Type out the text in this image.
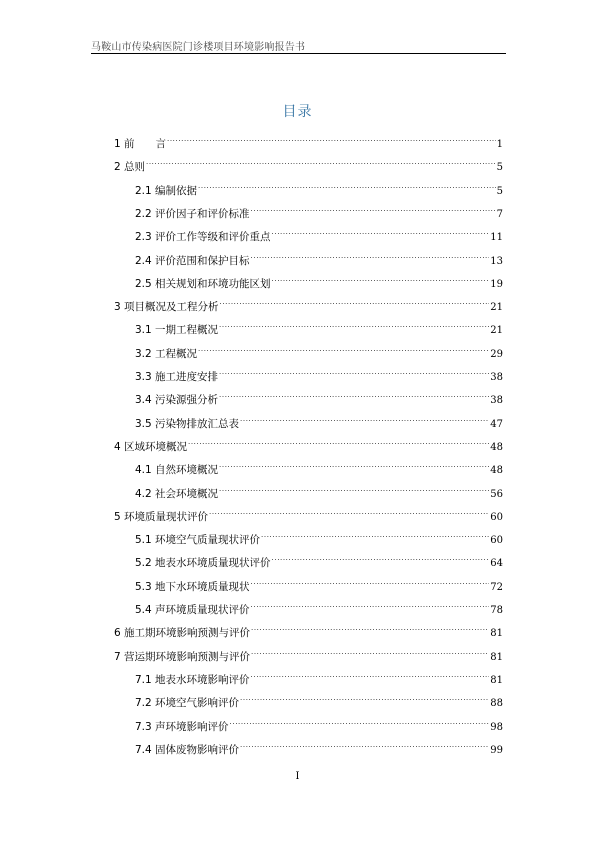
马鞍山市传染病医院门诊楼项目环境影响报告书
目录
1 前　　言 .....	1
2 总则 .....	5
2.1 编制依据 .....	5
2.2 评价因子和评价标准 .....	7
2.3 评价工作等级和评价重点 .....	11
2.4 评价范围和保护目标 .....	13
2.5 相关规划和环境功能区划 .....	19
3 项目概况及工程分析 .....	21
3.1 一期工程概况 .....	21
3.2 工程概况 .....	29
3.3 施工进度安排 .....	38
3.4 污染源强分析 .....	38
3.5 污染物排放汇总表 .....	47
4 区域环境概况 .....	48
4.1 自然环境概况 .....	48
4.2 社会环境概况 .....	56
5 环境质量现状评价 .....	60
5.1 环境空气质量现状评价 .....	60
5.2 地表水环境质量现状评价 .....	64
5.3 地下水环境质量现状 .....	72
5.4 声环境质量现状评价 .....	78
6 施工期环境影响预测与评价 .....	81
7 营运期环境影响预测与评价 .....	81
7.1 地表水环境影响评价 .....	81
7.2 环境空气影响评价 .....	88
7.3 声环境影响评价 .....	98
7.4 固体废物影响评价 .....	99
I
